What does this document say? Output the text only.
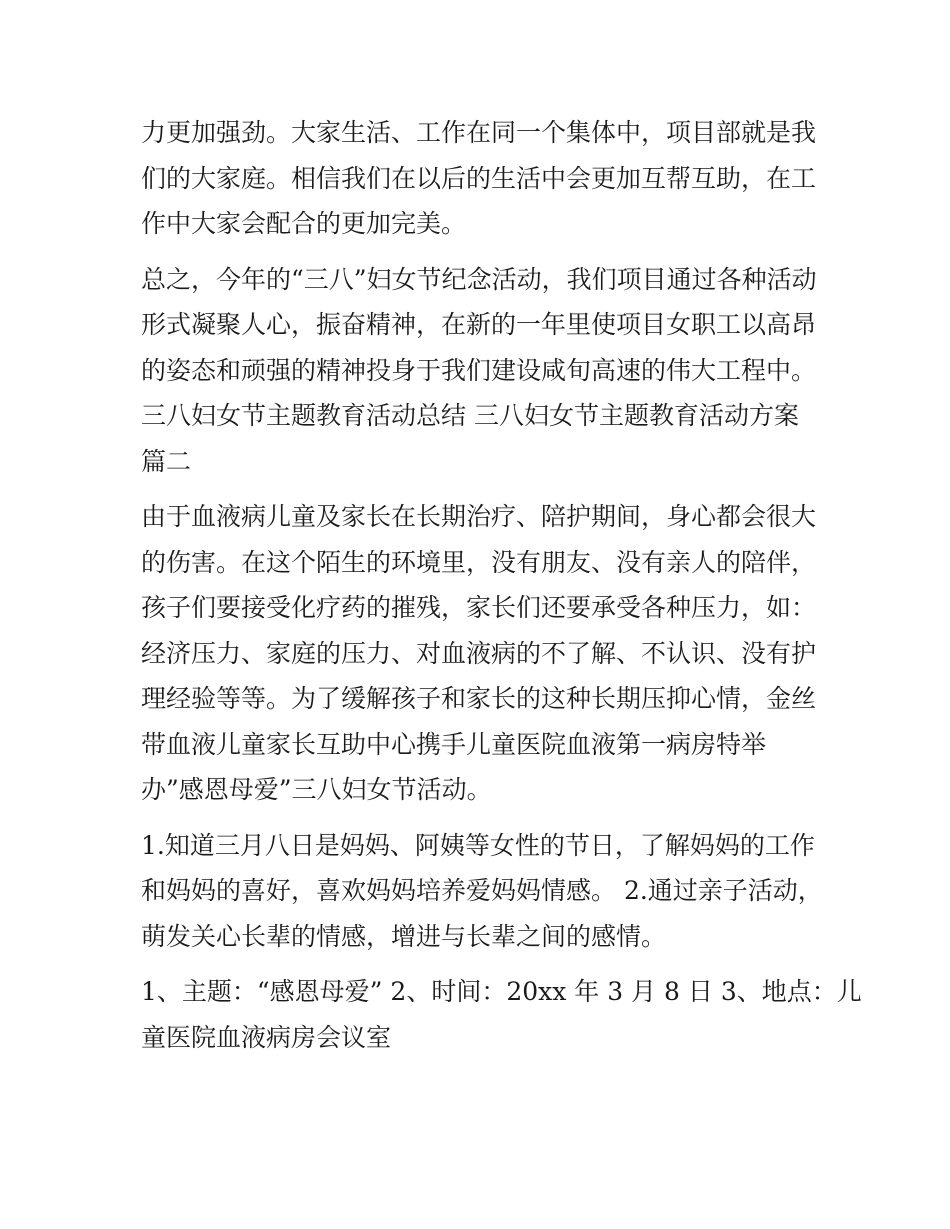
力更加强劲。大家生活、工作在同一个集体中，项目部就是我
们的大家庭。相信我们在以后的生活中会更加互帮互助，在工
作中大家会配合的更加完美。
总之，今年的“三八”妇女节纪念活动，我们项目通过各种活动
形式凝聚人心，振奋精神，在新的一年里使项目女职工以高昂
的姿态和顽强的精神投身于我们建设咸旬高速的伟大工程中。
三八妇女节主题教育活动总结 三八妇女节主题教育活动方案
篇二
由于血液病儿童及家长在长期治疗、陪护期间，身心都会很大
的伤害。在这个陌生的环境里，没有朋友、没有亲人的陪伴，
孩子们要接受化疗药的摧残，家长们还要承受各种压力，如：
经济压力、家庭的压力、对血液病的不了解、不认识、没有护
理经验等等。为了缓解孩子和家长的这种长期压抑心情，金丝
带血液儿童家长互助中心携手儿童医院血液第一病房特举
办”感恩母爱”三八妇女节活动。
1.知道三月八日是妈妈、阿姨等女性的节日，了解妈妈的工作
和妈妈的喜好，喜欢妈妈培养爱妈妈情感。 2.通过亲子活动，
萌发关心长辈的情感，增进与长辈之间的感情。
1、主题：“感恩母爱” 2、时间：20xx 年 3 月 8 日 3、地点：儿
童医院血液病房会议室
